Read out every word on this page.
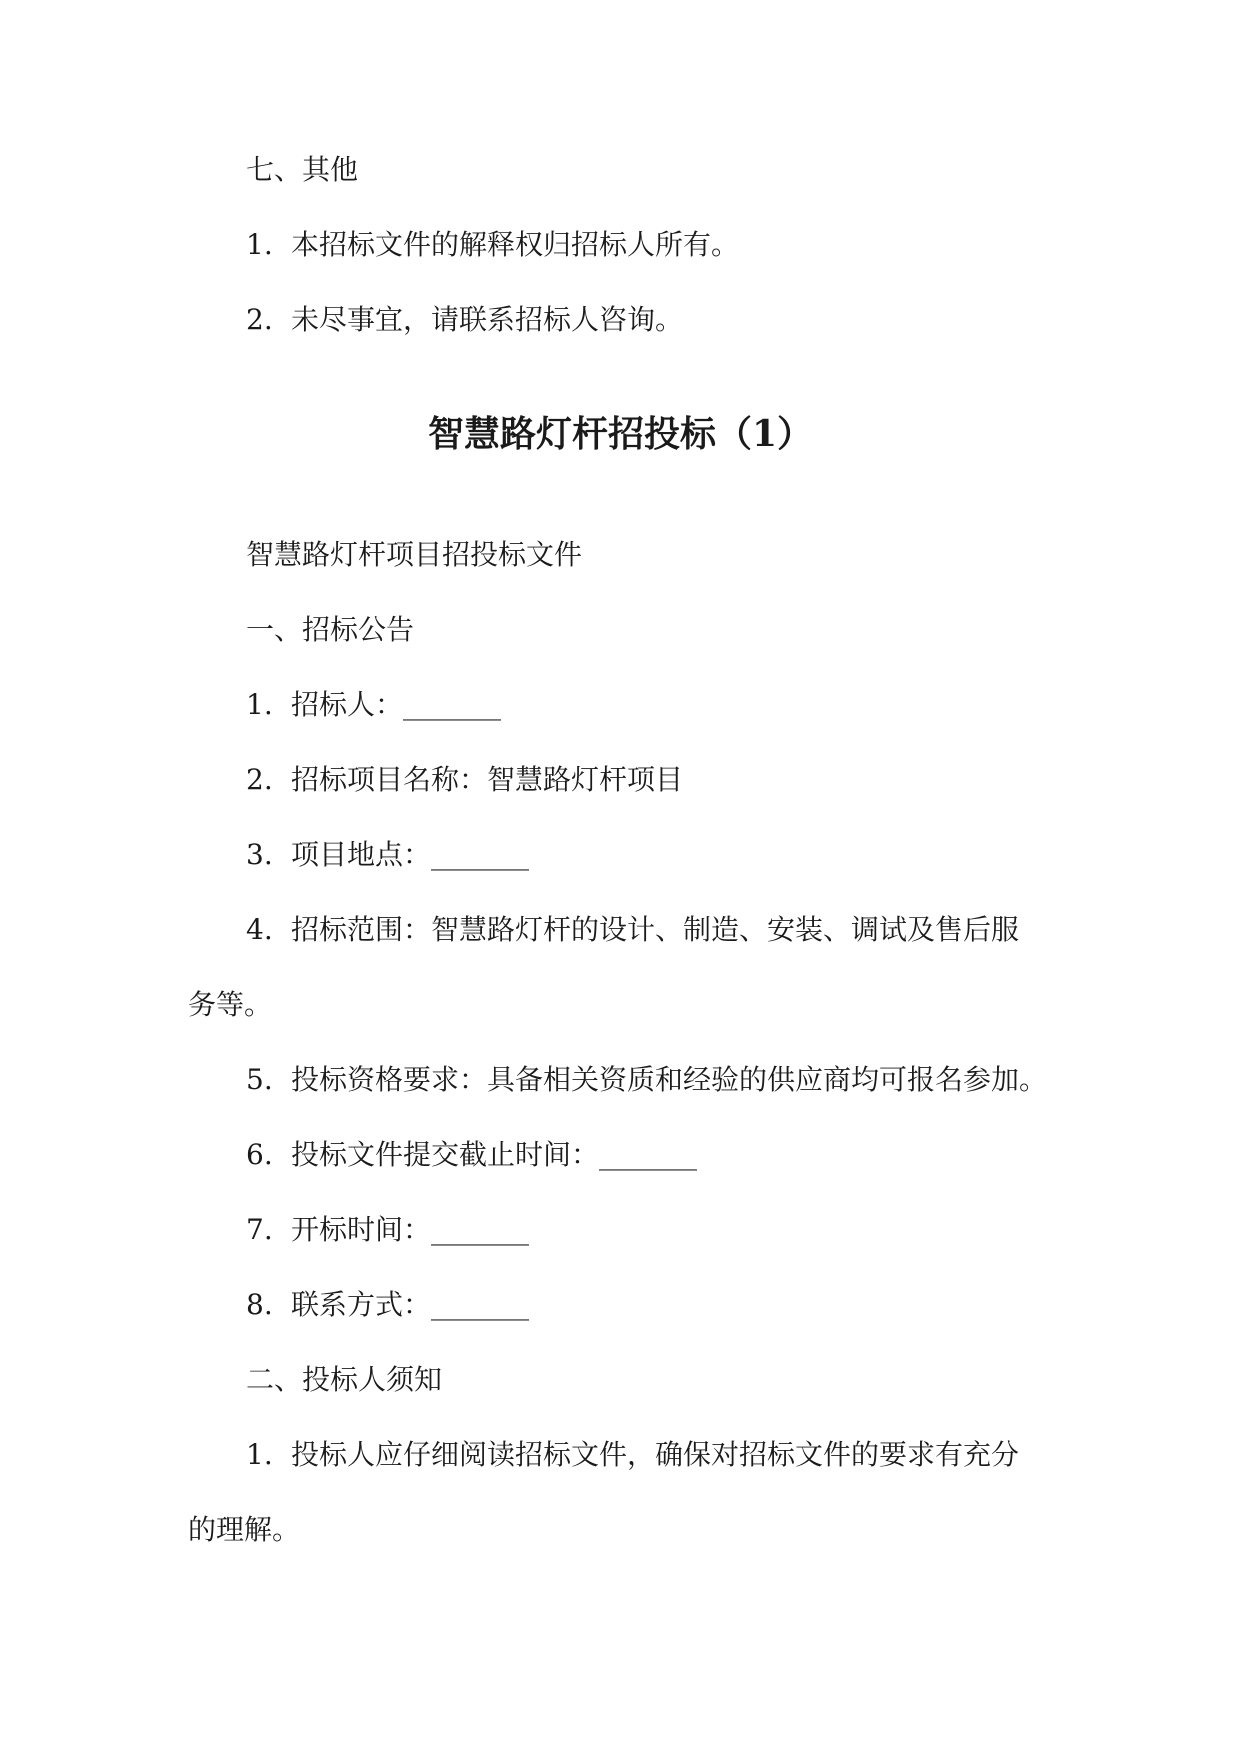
七、其他
1. 本招标文件的解释权归招标人所有。
2. 未尽事宜，请联系招标人咨询。
智慧路灯杆招投标（1）
智慧路灯杆项目招投标文件
一、招标公告
1. 招标人：_______
2. 招标项目名称：智慧路灯杆项目
3. 项目地点：_______
4. 招标范围：智慧路灯杆的设计、制造、安装、调试及售后服
务等。
5. 投标资格要求：具备相关资质和经验的供应商均可报名参加。
6. 投标文件提交截止时间：_______
7. 开标时间：_______
8. 联系方式：_______
二、投标人须知
1. 投标人应仔细阅读招标文件，确保对招标文件的要求有充分
的理解。
